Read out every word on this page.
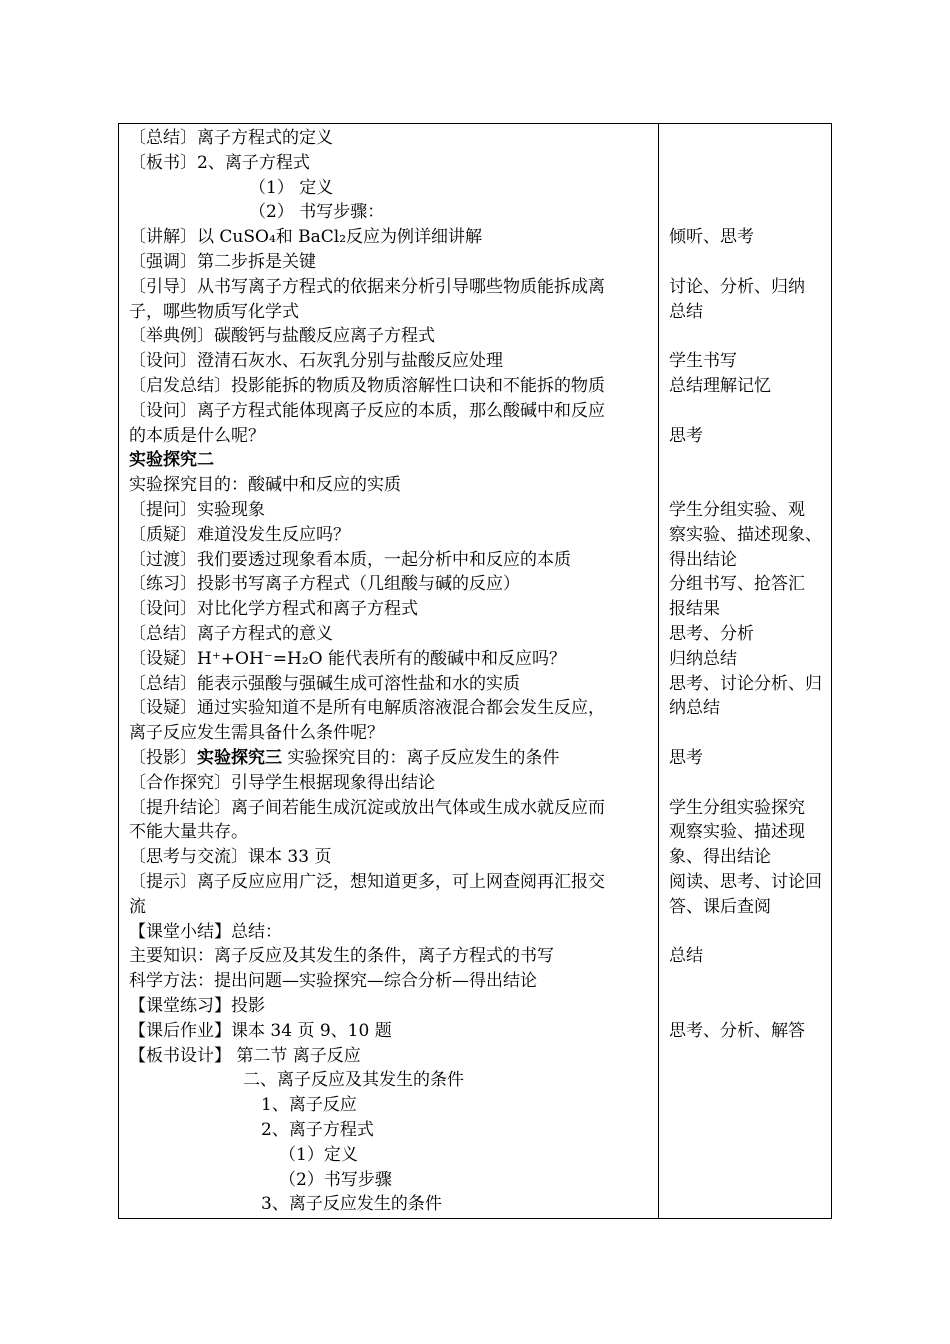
〔总结〕离子方程式的定义
〔板书〕2、离子方程式
（1） 定义
（2） 书写步骤：
〔讲解〕以 CuSO₄和 BaCl₂反应为例详细讲解
〔强调〕第二步拆是关键
〔引导〕从书写离子方程式的依据来分析引导哪些物质能拆成离
子，哪些物质写化学式
〔举典例〕碳酸钙与盐酸反应离子方程式
〔设问〕澄清石灰水、石灰乳分别与盐酸反应处理
〔启发总结〕投影能拆的物质及物质溶解性口诀和不能拆的物质
〔设问〕离子方程式能体现离子反应的本质，那么酸碱中和反应
的本质是什么呢？
实验探究二
实验探究目的：酸碱中和反应的实质
〔提问〕实验现象
〔质疑〕难道没发生反应吗？
〔过渡〕我们要透过现象看本质，一起分析中和反应的本质
〔练习〕投影书写离子方程式（几组酸与碱的反应）
〔设问〕对比化学方程式和离子方程式
〔总结〕离子方程式的意义
〔设疑〕H⁺+OH⁻=H₂O 能代表所有的酸碱中和反应吗？
〔总结〕能表示强酸与强碱生成可溶性盐和水的实质
〔设疑〕通过实验知道不是所有电解质溶液混合都会发生反应，
离子反应发生需具备什么条件呢？
〔投影〕实验探究三 实验探究目的：离子反应发生的条件
〔合作探究〕引导学生根据现象得出结论
〔提升结论〕离子间若能生成沉淀或放出气体或生成水就反应而
不能大量共存。
〔思考与交流〕课本 33 页
〔提示〕离子反应应用广泛，想知道更多，可上网查阅再汇报交
流
【课堂小结】总结：
主要知识：离子反应及其发生的条件，离子方程式的书写
科学方法：提出问题—实验探究—综合分析—得出结论
【课堂练习】投影
【课后作业】课本 34 页 9、10 题
【板书设计】 第二节 离子反应
二、离子反应及其发生的条件
1、离子反应
2、离子方程式
（1）定义
（2）书写步骤
3、离子反应发生的条件
倾听、思考
讨论、分析、归纳
总结
学生书写
总结理解记忆
思考
学生分组实验、观
察实验、描述现象、
得出结论
分组书写、抢答汇
报结果
思考、分析
归纳总结
思考、讨论分析、归
纳总结
思考
学生分组实验探究
观察实验、描述现
象、得出结论
阅读、思考、讨论回
答、课后查阅
总结
思考、分析、解答
